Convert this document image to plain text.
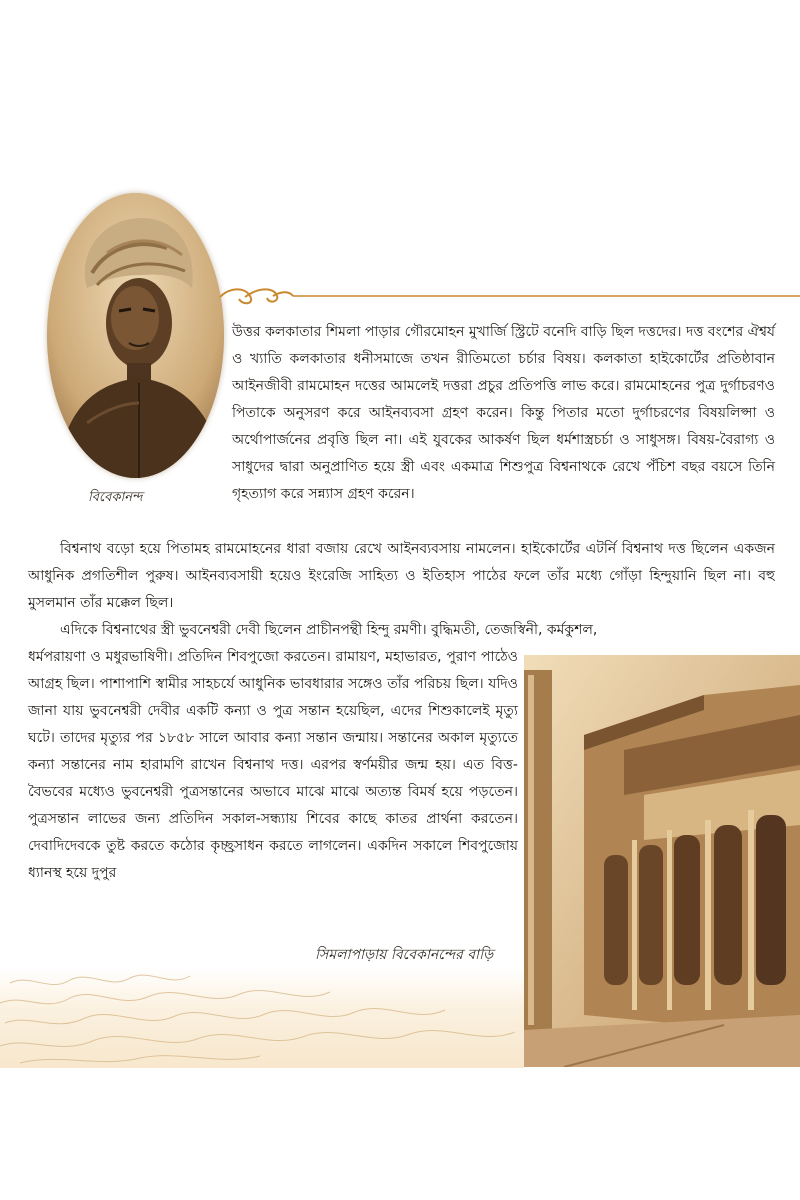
উত্তর কলকাতার শিমলা পাড়ার গৌরমোহন মুখার্জি স্ট্রিটে বনেদি বাড়ি ছিল দত্তদের। দত্ত বংশের ঐশ্বর্য ও খ্যাতি কলকাতার ধনীসমাজে তখন রীতিমতো চর্চার বিষয়। কলকাতা হাইকোর্টের প্রতিষ্ঠাবান আইনজীবী রামমোহন দত্তের আমলেই দত্তরা প্রচুর প্রতিপত্তি লাভ করে। রামমোহনের পুত্র দুর্গাচরণও পিতাকে অনুসরণ করে আইনব্যবসা গ্রহণ করেন। কিন্তু পিতার মতো দুর্গাচরণের বিষয়লিপ্সা ও অর্থোপার্জনের প্রবৃত্তি ছিল না। এই যুবকের আকর্ষণ ছিল ধর্মশাস্ত্রচর্চা ও সাধুসঙ্গ। বিষয়-বৈরাগ্য ও সাধুদের দ্বারা অনুপ্রাণিত হয়ে স্ত্রী এবং একমাত্র শিশুপুত্র বিশ্বনাথকে রেখে পঁচিশ বছর বয়সে তিনি গৃহত্যাগ করে সন্ন্যাস গ্রহণ করেন।

বিবেকানন্দ

বিশ্বনাথ বড়ো হয়ে পিতামহ রামমোহনের ধারা বজায় রেখে আইনব্যবসায় নামলেন। হাইকোর্টের এটর্নি বিশ্বনাথ দত্ত ছিলেন একজন আধুনিক প্রগতিশীল পুরুষ। আইনব্যবসায়ী হয়েও ইংরেজি সাহিত্য ও ইতিহাস পাঠের ফলে তাঁর মধ্যে গোঁড়া হিন্দুয়ানি ছিল না। বহু মুসলমান তাঁর মক্কেল ছিল।

এদিকে বিশ্বনাথের স্ত্রী ভুবনেশ্বরী দেবী ছিলেন প্রাচীনপন্থী হিন্দু রমণী। বুদ্ধিমতী, তেজস্বিনী, কর্মকুশল,

ধর্মপরায়ণা ও মধুরভাষিণী। প্রতিদিন শিবপুজো করতেন। রামায়ণ, মহাভারত, পুরাণ পাঠেও আগ্রহ ছিল। পাশাপাশি স্বামীর সাহচর্যে আধুনিক ভাবধারার সঙ্গেও তাঁর পরিচয় ছিল। যদিও জানা যায় ভুবনেশ্বরী দেবীর একটি কন্যা ও পুত্র সন্তান হয়েছিল, এদের শিশুকালেই মৃত্যু ঘটে। তাদের মৃত্যুর পর ১৮৫৮ সালে আবার কন্যা সন্তান জন্মায়। সন্তানের অকাল মৃত্যুতে কন্যা সন্তানের নাম হারামণি রাখেন বিশ্বনাথ দত্ত। এরপর স্বর্ণময়ীর জন্ম হয়। এত বিত্ত-বৈভবের মধ্যেও ভুবনেশ্বরী পুত্রসন্তানের অভাবে মাঝে মাঝে অত্যন্ত বিমর্ষ হয়ে পড়তেন। পুত্রসন্তান লাভের জন্য প্রতিদিন সকাল-সন্ধ্যায় শিবের কাছে কাতর প্রার্থনা করতেন। দেবাদিদেবকে তুষ্ট করতে কঠোর কৃচ্ছ্রসাধন করতে লাগলেন। একদিন সকালে শিবপুজোয় ধ্যানস্থ হয়ে দুপুর

সিমলাপাড়ায় বিবেকানন্দের বাড়ি
